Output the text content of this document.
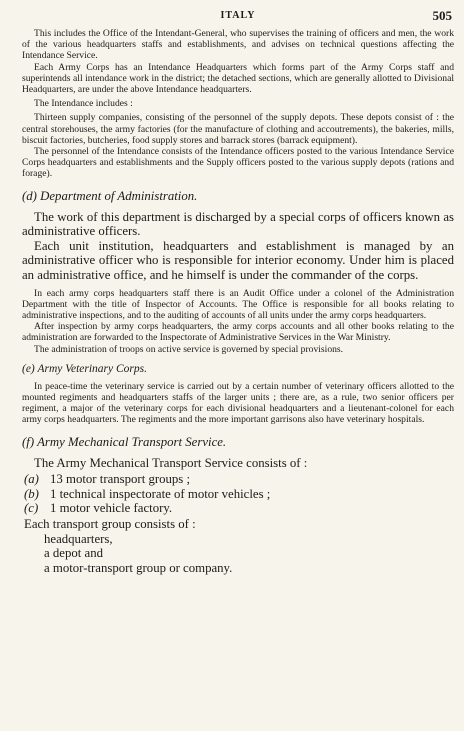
ITALY	505

This includes the Office of the Intendant-General, who supervises the training of officers and men, the work of the various headquarters staffs and establishments, and advises on technical questions affecting the Intendance Service.

Each Army Corps has an Intendance Headquarters which forms part of the Army Corps staff and superintends all intendance work in the district; the detached sections, which are generally allotted to Divisional Headquarters, are under the above Intendance headquarters.

The Intendance includes :

Thirteen supply companies, consisting of the personnel of the supply depots. These depots consist of : the central storehouses, the army factories (for the manufacture of clothing and accoutrements), the bakeries, mills, biscuit factories, butcheries, food supply stores and barrack stores (barrack equipment).

The personnel of the Intendance consists of the Intendance officers posted to the various Intendance Service Corps headquarters and establishments and the Supply officers posted to the various supply depots (rations and forage).

(d) Department of Administration.

The work of this department is discharged by a special corps of officers known as administrative officers.

Each unit institution, headquarters and establishment is managed by an administrative officer who is responsible for interior economy. Under him is placed an administrative office, and he himself is under the commander of the corps.

In each army corps headquarters staff there is an Audit Office under a colonel of the Administration Department with the title of Inspector of Accounts. The Office is responsible for all books relating to administrative inspections, and to the auditing of accounts of all units under the army corps headquarters.

After inspection by army corps headquarters, the army corps accounts and all other books relating to the administration are forwarded to the Inspectorate of Administrative Services in the War Ministry.

The administration of troops on active service is governed by special provisions.

(e) Army Veterinary Corps.

In peace-time the veterinary service is carried out by a certain number of veterinary officers allotted to the mounted regiments and headquarters staffs of the larger units ; there are, as a rule, two senior officers per regiment, a major of the veterinary corps for each divisional headquarters and a lieutenant-colonel for each army corps headquarters. The regiments and the more important garrisons also have veterinary hospitals.

(f) Army Mechanical Transport Service.

The Army Mechanical Transport Service consists of :

(a) 13 motor transport groups ;
(b) 1 technical inspectorate of motor vehicles ;
(c) 1 motor vehicle factory.

Each transport group consists of :

headquarters,
a depot and
a motor-transport group or company.
